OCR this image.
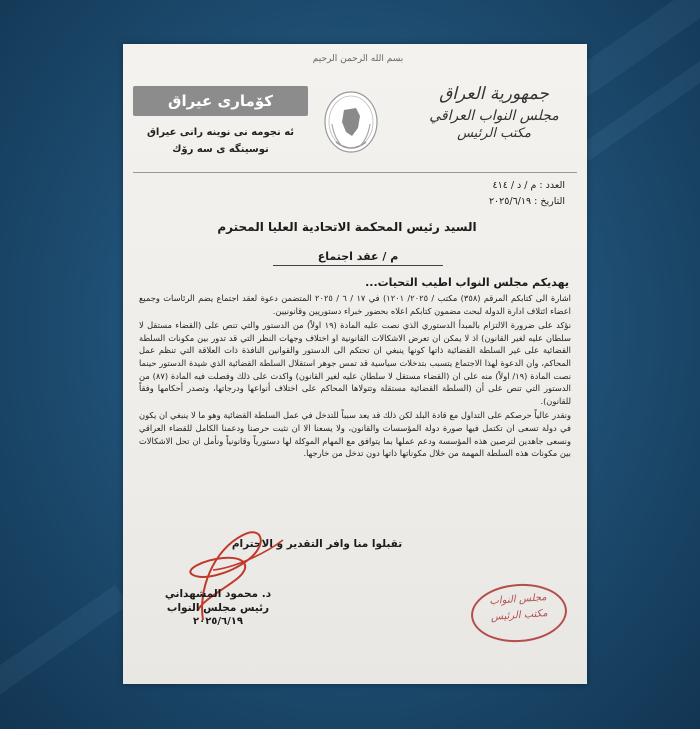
بسم الله الرحمن الرحيم
جمهورية العراق
مجلس النواب العراقي
مكتب الرئيس
كۆماری عیراق
ئه نجومه نی نوینه رانی عیراق
نوسینگه ی سه رۆك
العدد : م / د / ٤١٤
التاريخ : ٢٠٢٥/٦/١٩
السيد رئيس المحكمة الاتحادية العليا المحترم
م / عقد اجتماع
يهديكم مجلس النواب اطيب التحيات...

اشارة الى كتابكم المرقم (٣٥٨) مكتب / ٢٠٢٥/ ١٢٠١) في ١٧ / ٦ / ٢٠٢٥ المتضمن دعوة لعقد اجتماع يضم الرئاسات وجميع اعضاء ائتلاف ادارة الدولة لبحث مضمون كتابكم اعلاه بحضور خبراء دستوريين وقانونيين.

نؤكد على ضرورة الالتزام بالمبدأ الدستوري الذي نصت عليه المادة (١٩ اولاً) من الدستور والتي تنص على (القضاء مستقل لا سلطان عليه لغير القانون) اذ لا يمكن ان تعرض الاشكالات القانونية او اختلاف وجهات النظر التي قد تدور بين مكونات السلطة القضائية على غير السلطة القضائية ذاتها كونها ينبغي ان تحتكم الى الدستور والقوانين النافذة ذات العلاقة التي تنظم عمل المحاكم، وان الدعوة لهذا الاجتماع يتسبب بتدخلات سياسية قد تمس جوهر استقلال السلطة القضائية الذي شيدة الدستور حينما نصت المادة (١٩/ اولاً) منه على ان (القضاء مستقل لا سلطان عليه لغير القانون) واكدت على ذلك وفصلت فيه المادة (٨٧) من الدستور التي تنص على أن (السلطة القضائية مستقلة وتتولاها المحاكم على اختلاف أنواعها ودرجاتها، وتصدر أحكامها وفقاً للقانون).

ونقدر عالياً حرصكم على التداول مع قادة البلد لكن ذلك قد يعد سبباً للتدخل في عمل السلطة القضائية وهو ما لا ينبغي ان يكون في دولة تسعى ان تكتمل فيها صورة دولة المؤسسات والقانون، ولا يسعنا الا ان نثبت حرصنا ودعمنا الكامل للقضاء العراقي ونسعى جاهدين لترصين هذه المؤسسة ودعم عملها بما يتوافق مع المهام الموكلة لها دستورياً وقانونياً ونأمل ان تحل الاشكالات بين مكونات هذه السلطة المهمة من خلال مكوناتها ذاتها دون تدخل من خارجها.

تقبلوا منا وافر التقدير و الاحترام
د. محمود المشهداني
رئيس مجلس النواب
٢٠٢٥/٦/١٩
مجلس النواب
مكتب الرئيس
